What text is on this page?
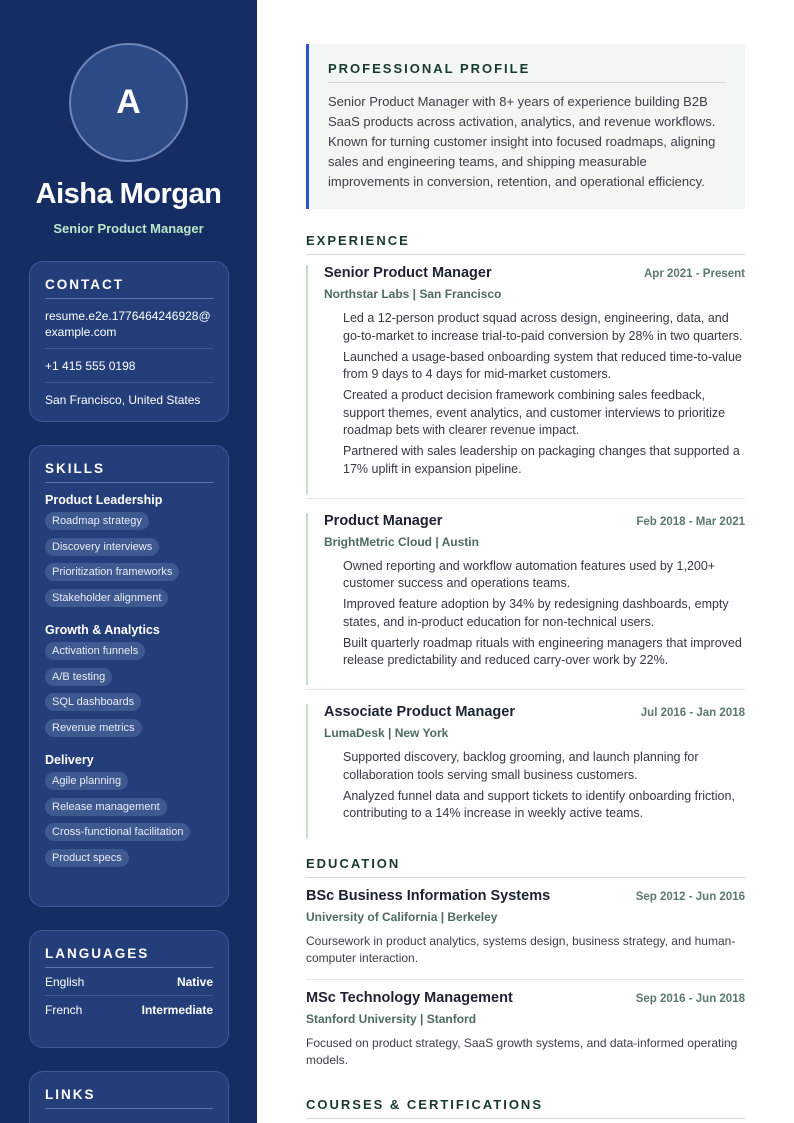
A
Aisha Morgan
Senior Product Manager
CONTACT
resume.e2e.1776464246928@example.com
+1 415 555 0198
San Francisco, United States
SKILLS
Product Leadership
Roadmap strategy
Discovery interviews
Prioritization frameworks
Stakeholder alignment
Growth & Analytics
Activation funnels
A/B testing
SQL dashboards
Revenue metrics
Delivery
Agile planning
Release management
Cross-functional facilitation
Product specs
LANGUAGES
English	Native
French	Intermediate
LINKS
PROFESSIONAL PROFILE

Senior Product Manager with 8+ years of experience building B2B SaaS products across activation, analytics, and revenue workflows. Known for turning customer insight into focused roadmaps, aligning sales and engineering teams, and shipping measurable improvements in conversion, retention, and operational efficiency.

EXPERIENCE
Senior Product Manager	Apr 2021 - Present
Northstar Labs | San Francisco

Led a 12-person product squad across design, engineering, data, and go-to-market to increase trial-to-paid conversion by 28% in two quarters.

Launched a usage-based onboarding system that reduced time-to-value from 9 days to 4 days for mid-market customers.

Created a product decision framework combining sales feedback, support themes, event analytics, and customer interviews to prioritize roadmap bets with clearer revenue impact.

Partnered with sales leadership on packaging changes that supported a 17% uplift in expansion pipeline.

Product Manager	Feb 2018 - Mar 2021
BrightMetric Cloud | Austin

Owned reporting and workflow automation features used by 1,200+ customer success and operations teams.

Improved feature adoption by 34% by redesigning dashboards, empty states, and in-product education for non-technical users.

Built quarterly roadmap rituals with engineering managers that improved release predictability and reduced carry-over work by 22%.

Associate Product Manager	Jul 2016 - Jan 2018
LumaDesk | New York

Supported discovery, backlog grooming, and launch planning for collaboration tools serving small business customers.

Analyzed funnel data and support tickets to identify onboarding friction, contributing to a 14% increase in weekly active teams.

EDUCATION
BSc Business Information Systems	Sep 2012 - Jun 2016
University of California | Berkeley

Coursework in product analytics, systems design, business strategy, and human-computer interaction.

MSc Technology Management	Sep 2016 - Jun 2018
Stanford University | Stanford

Focused on product strategy, SaaS growth systems, and data-informed operating models.

COURSES & CERTIFICATIONS
